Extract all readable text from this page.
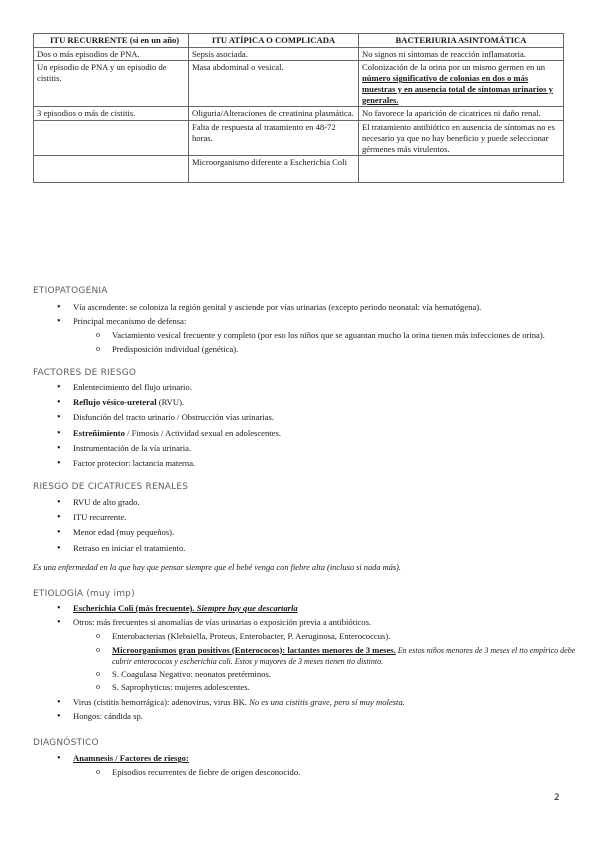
ITU RECURRENTE (si en un año)	ITU ATÍPICA O COMPLICADA	BACTERIURIA ASINTOMÁTICA
Dos o más episodios de PNA.	Sepsis asociada.	No signos ni síntomas de reacción inflamatoria.
Un episodio de PNA y un episodio de cistitis.	Masa abdominal o vesical.	Colonización de la orina por un mismo germen en un número significativo de colonias en dos o más muestras y en ausencia total de síntomas urinarios y generales.
3 episodios o más de cistitis.	Oliguria/Alteraciones de creatinina plasmática.	No favorece la aparición de cicatrices ni daño renal.
	Falta de respuesta al tratamiento en 48-72 horas.	El tratamiento antibiótico en ausencia de síntomas no es necesario ya que no hay beneficio y puede seleccionar gérmenes más virulentos.
	Microorganismo diferente a Escherichia Coli	
ETIOPATOGENIA
• Vía ascendente: se coloniza la región genital y asciende por vías urinarias (excepto periodo neonatal: vía hematógena).
• Principal mecanismo de defensa:
o Vaciamiento vesical frecuente y completo (por eso los niños que se aguantan mucho la orina tienen más infecciones de orina).
o Predisposición individual (genética).
FACTORES DE RIESGO
• Enlentecimiento del flujo urinario.
• Reflujo vésico-ureteral (RVU).
• Disfunción del tracto urinario / Obstrucción vías urinarias.
• Estreñimiento / Fimosis / Actividad sexual en adolescentes.
• Instrumentación de la vía urinaria.
• Factor protector: lactancia materna.
RIESGO DE CICATRICES RENALES
• RVU de alto grado.
• ITU recurrente.
• Menor edad (muy pequeños).
• Retraso en iniciar el tratamiento.
Es una enfermedad en la que hay que pensar siempre que el bebé venga con fiebre alta (incluso si nada más).
ETIOLOGÍA (muy imp)
• Escherichia Coli (más frecuente). Siempre hay que descartarla
• Otros: más frecuentes si anomalías de vías urinarias o exposición previa a antibióticos.
o Enterobacterias (Klebsiella, Proteus, Enterobacter, P. Aeruginosa, Enterococcus).
o Microorganismos gran positivos (Enterococos): lactantes menores de 3 meses. En estos niños menores de 3 meses el tto empírico debe cubrir enterococos y escherichia coli. Estos y mayores de 3 meses tienen tto distinto.
o S. Coagulasa Negativo: neonatos pretérminos.
o S. Saprophyticus: mujeres adolescentes.
• Virus (cistitis hemorrágica): adenovirus, virus BK. No es una cistitis grave, pero sí muy molesta.
• Hongos: cándida sp.
DIAGNÓSTICO
• Anamnesis / Factores de riesgo:
o Episodios recurrentes de fiebre de origen desconocido.
2
